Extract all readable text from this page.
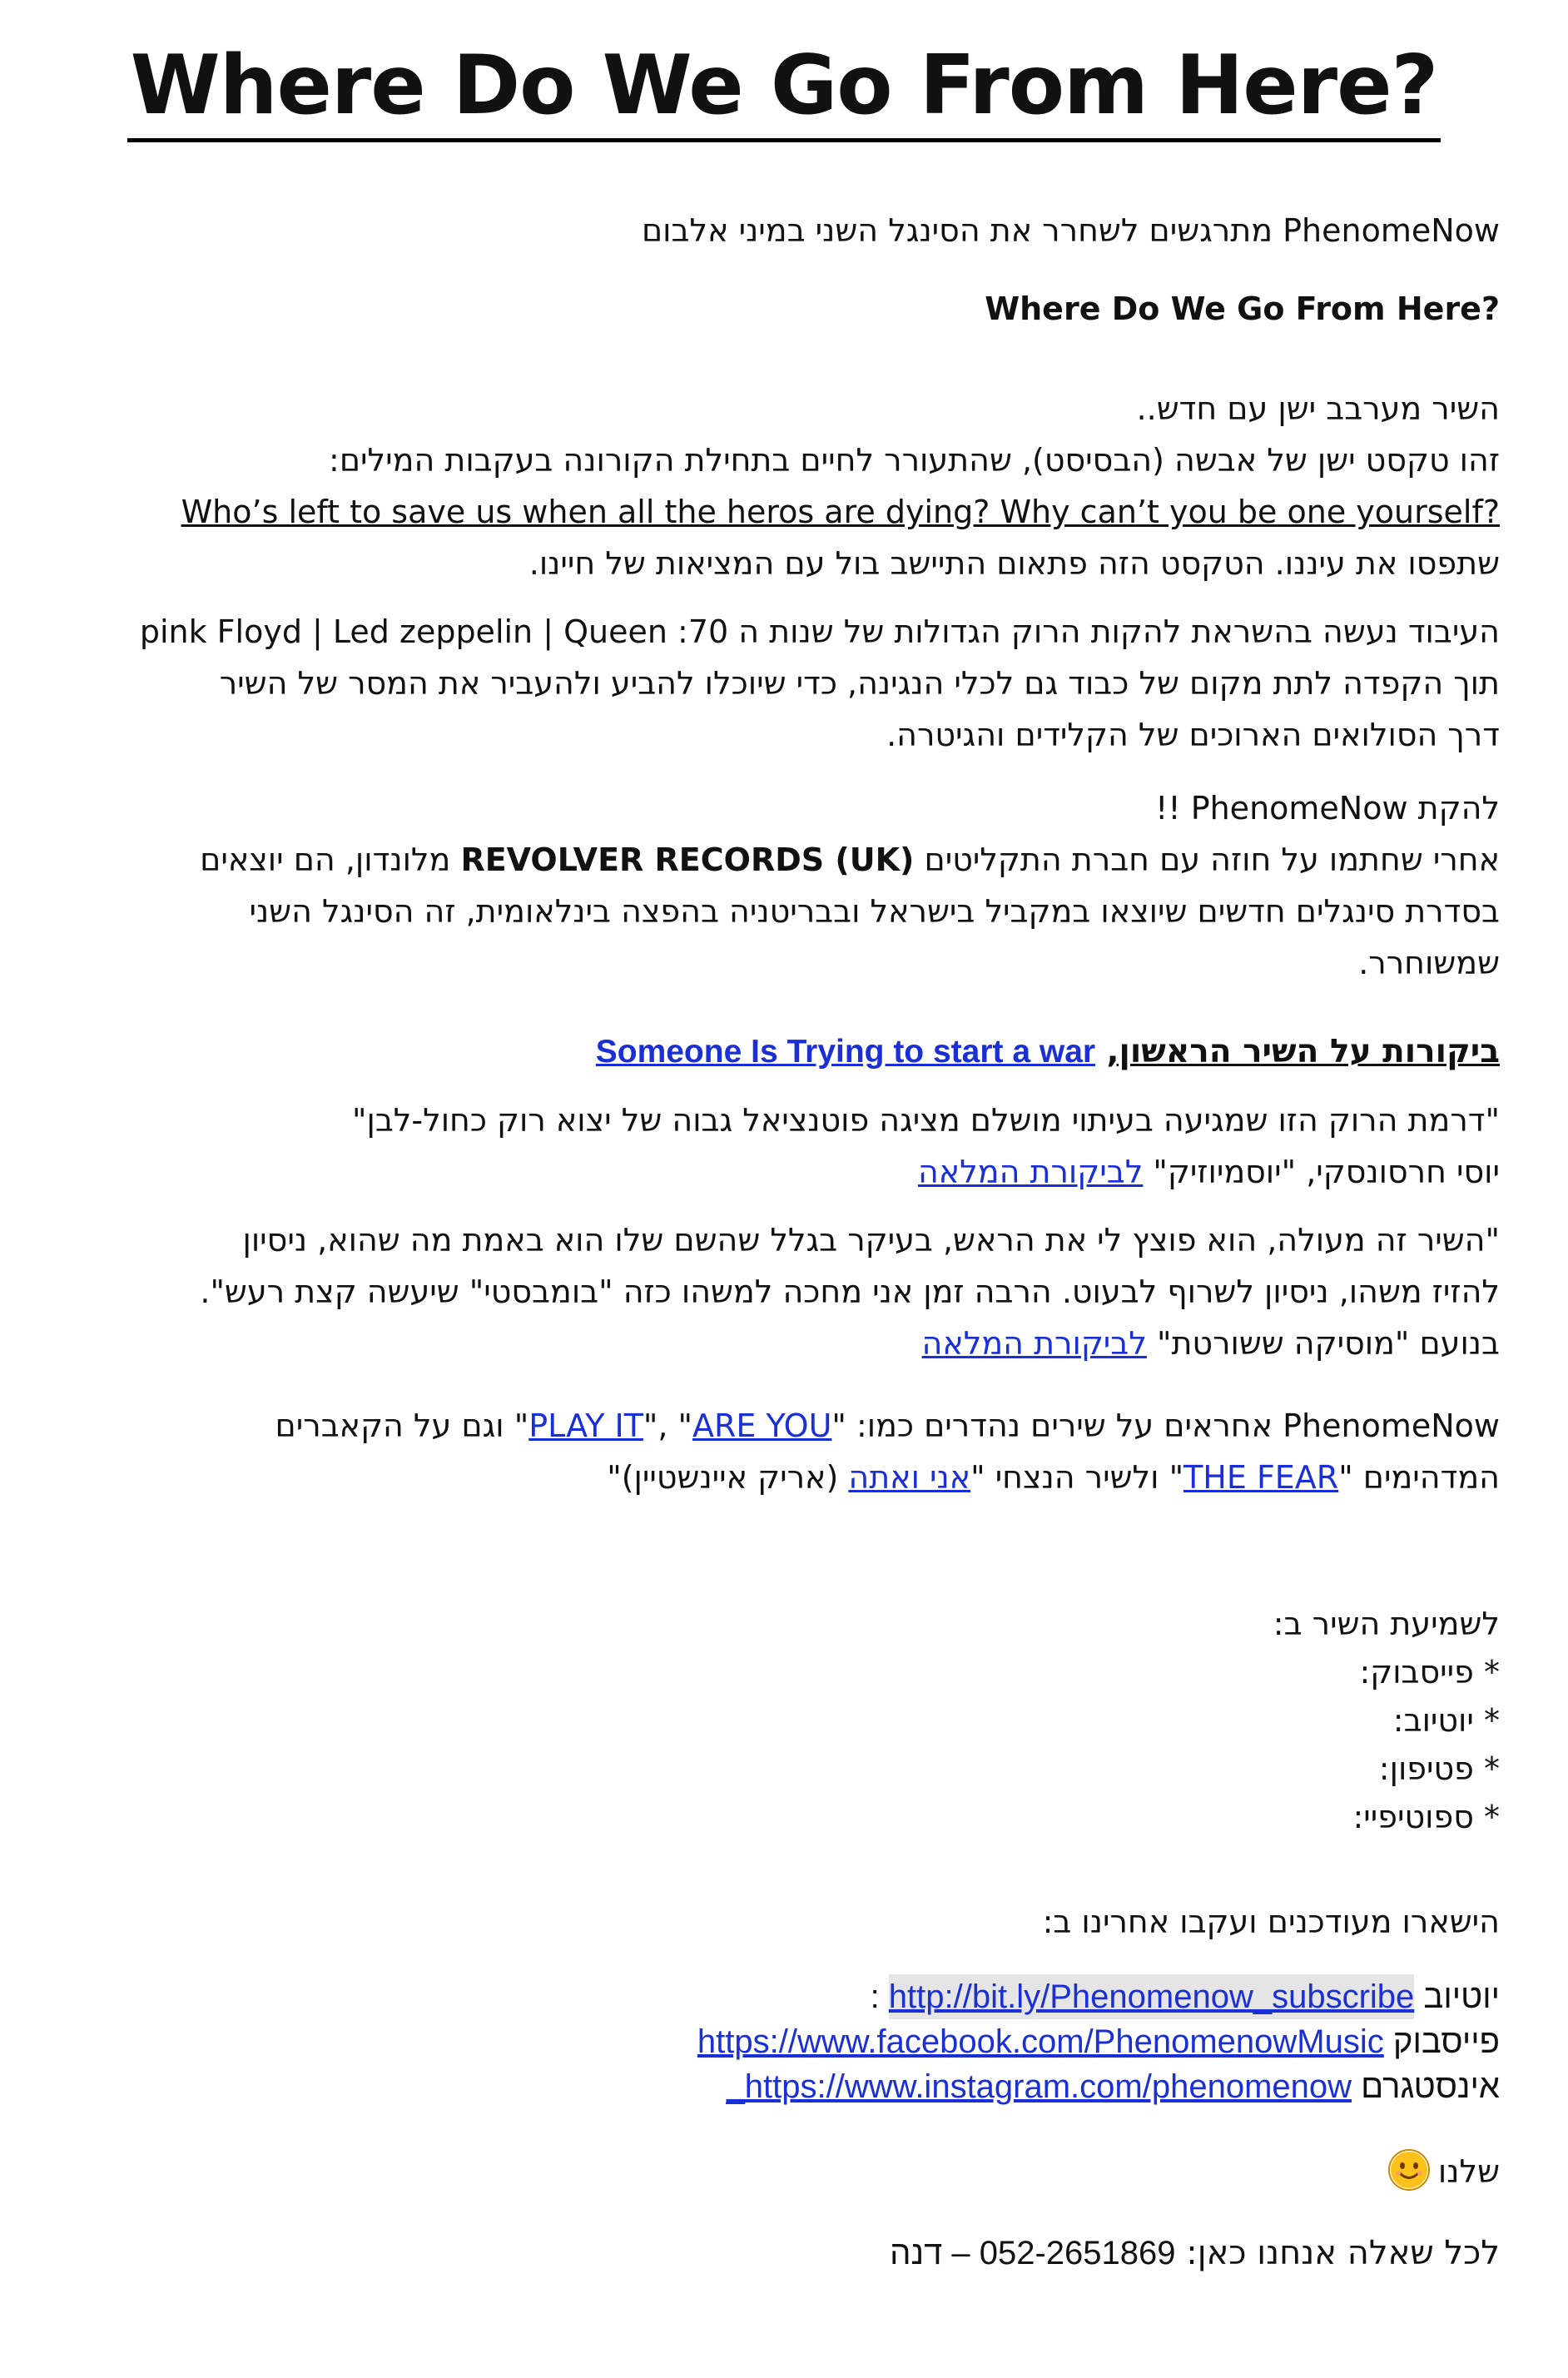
Where Do We Go From Here?
PhenomeNow מתרגשים לשחרר את הסינגל השני במיני אלבום
Where Do We Go From Here?
השיר מערבב ישן עם חדש..
זהו טקסט ישן של אבשה (הבסיסט), שהתעורר לחיים בתחילת הקורונה בעקבות המילים:
Who’s left to save us when all the heros are dying? Why can’t you be one yourself?
שתפסו את עיננו. הטקסט הזה פתאום התיישב בול עם המציאות של חיינו.
העיבוד נעשה בהשראת להקות הרוק הגדולות של שנות ה 70: pink Floyd | Led zeppelin | Queen
תוך הקפדה לתת מקום של כבוד גם לכלי הנגינה, כדי שיוכלו להביע ולהעביר את המסר של השיר
דרך הסולואים הארוכים של הקלידים והגיטרה.
להקת PhenomeNow !!
אחרי שחתמו על חוזה עם חברת התקליטים REVOLVER RECORDS (UK) מלונדון, הם יוצאים
בסדרת סינגלים חדשים שיוצאו במקביל בישראל ובבריטניה בהפצה בינלאומית, זה הסינגל השני
שמשוחרר.
ביקורות על השיר הראשון, Someone Is Trying to start a war
"דרמת הרוק הזו שמגיעה בעיתוי מושלם מציגה פוטנציאל גבוה של יצוא רוק כחול-לבן"
יוסי חרסונסקי, "יוסמיוזיק" לביקורת המלאה
"השיר זה מעולה, הוא פוצץ לי את הראש, בעיקר בגלל שהשם שלו הוא באמת מה שהוא, ניסיון
להזיז משהו, ניסיון לשרוף לבעוט. הרבה זמן אני מחכה למשהו כזה "בומבסטי" שיעשה קצת רעש".
בנועם "מוסיקה ששורטת" לביקורת המלאה
PhenomeNow אחראים על שירים נהדרים כמו: "PLAY IT", "ARE YOU" וגם על הקאברים
המדהימים "THE FEAR" ולשיר הנצחי "אני ואתה (אריק איינשטיין)"
לשמיעת השיר ב:
* פייסבוק:
* יוטיוב:
* פטיפון:
* ספוטיפיי:
הישארו מעודכנים ועקבו אחרינו ב:
יוטיוב http://bit.ly/Phenomenow_subscribe :
פייסבוק https://www.facebook.com/PhenomenowMusic
אינסטגרם _https://www.instagram.com/phenomenow
שלנו
לכל שאלה אנחנו כאן: 052-2651869 – דנה
